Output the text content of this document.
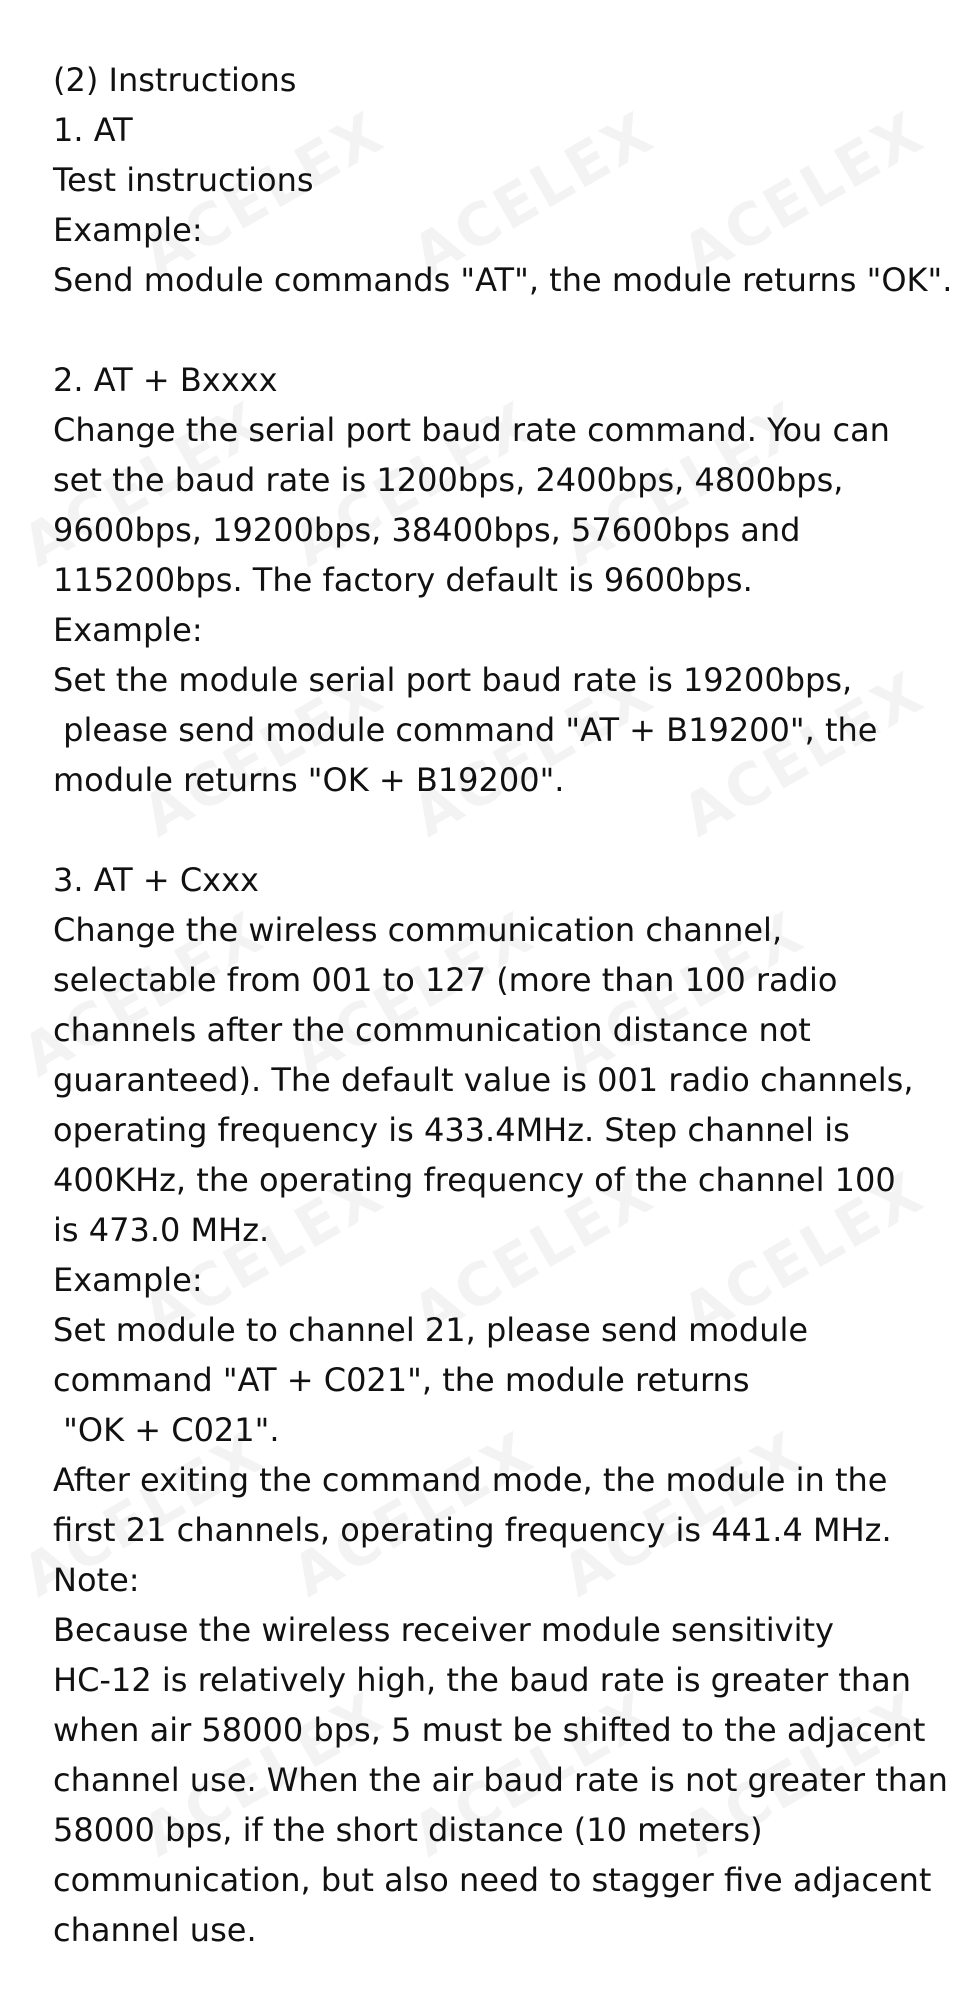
(2) Instructions

1. AT

Test instructions

Example:

Send module commands "AT", the module returns "OK".

2. AT + Bxxxx

Change the serial port baud rate command. You can

set the baud rate is 1200bps, 2400bps, 4800bps,

9600bps, 19200bps, 38400bps, 57600bps and

115200bps. The factory default is 9600bps.

Example:

Set the module serial port baud rate is 19200bps,

please send module command "AT + B19200", the

module returns "OK + B19200".

3. AT + Cxxx

Change the wireless communication channel,

selectable from 001 to 127 (more than 100 radio

channels after the communication distance not

guaranteed). The default value is 001 radio channels,

operating frequency is 433.4MHz. Step channel is

400KHz, the operating frequency of the channel 100

is 473.0 MHz.

Example:

Set module to channel 21, please send module

command "AT + C021", the module returns

"OK + C021".

After exiting the command mode, the module in the

first 21 channels, operating frequency is 441.4 MHz.

Note:

Because the wireless receiver module sensitivity

HC-12 is relatively high, the baud rate is greater than

when air 58000 bps, 5 must be shifted to the adjacent

channel use. When the air baud rate is not greater than

58000 bps, if the short distance (10 meters)

communication, but also need to stagger five adjacent

channel use.
